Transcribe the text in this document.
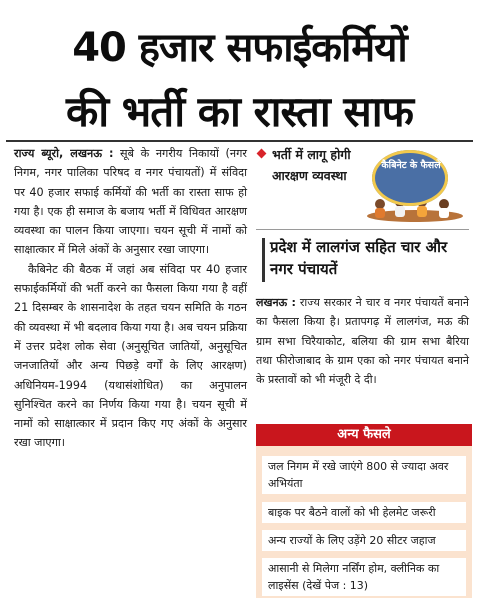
40 हजार सफाईकर्मियों
की भर्ती का रास्ता साफ

राज्य ब्यूरो, लखनऊ : सूबे के नगरीय निकायों (नगर निगम, नगर पालिका परिषद व नगर पंचायतों) में संविदा पर 40 हजार सफाई कर्मियों की भर्ती का रास्ता साफ हो गया है। एक ही समाज के बजाय भर्ती में विधिवत आरक्षण व्यवस्था का पालन किया जाएगा। चयन सूची में नामों को साक्षात्कार में मिले अंकों के अनुसार रखा जाएगा।

कैबिनेट की बैठक में जहां अब संविदा पर 40 हजार सफाईकर्मियों की भर्ती करने का फैसला किया गया है वहीं 21 दिसम्बर के शासनादेश के तहत चयन समिति के गठन की व्यवस्था में भी बदलाव किया गया है। अब चयन प्रक्रिया में उत्तर प्रदेश लोक सेवा (अनुसूचित जातियों, अनुसूचित जनजातियों और अन्य पिछड़े वर्गों के लिए आरक्षण) अधिनियम-1994 (यथासंशोधित) का अनुपालन सुनिश्चित करने का निर्णय किया गया है। चयन सूची में नामों को साक्षात्कार में प्रदान किए गए अंकों के अनुसार रखा जाएगा।

भर्ती में लागू होगी आरक्षण व्यवस्था
कैबिनेट के फैसले
प्रदेश में लालगंज सहित चार और नगर पंचायतें

लखनऊ : राज्य सरकार ने चार व नगर पंचायतें बनाने का फैसला किया है। प्रतापगढ़ में लालगंज, मऊ की ग्राम सभा चिरैयाकोट, बलिया की ग्राम सभा बैरिया तथा फीरोजाबाद के ग्राम एका को नगर पंचायत बनाने के प्रस्तावों को भी मंजूरी दे दी।

अन्य फैसले
जल निगम में रखे जाएंगे 800 से ज्यादा अवर अभियंता
बाइक पर बैठने वालों को भी हेलमेट जरूरी
अन्य राज्यों के लिए उड़ेंगे 20 सीटर जहाज
आसानी से मिलेगा नर्सिंग होम, क्लीनिक का लाइसेंस (देखें पेज : 13)
